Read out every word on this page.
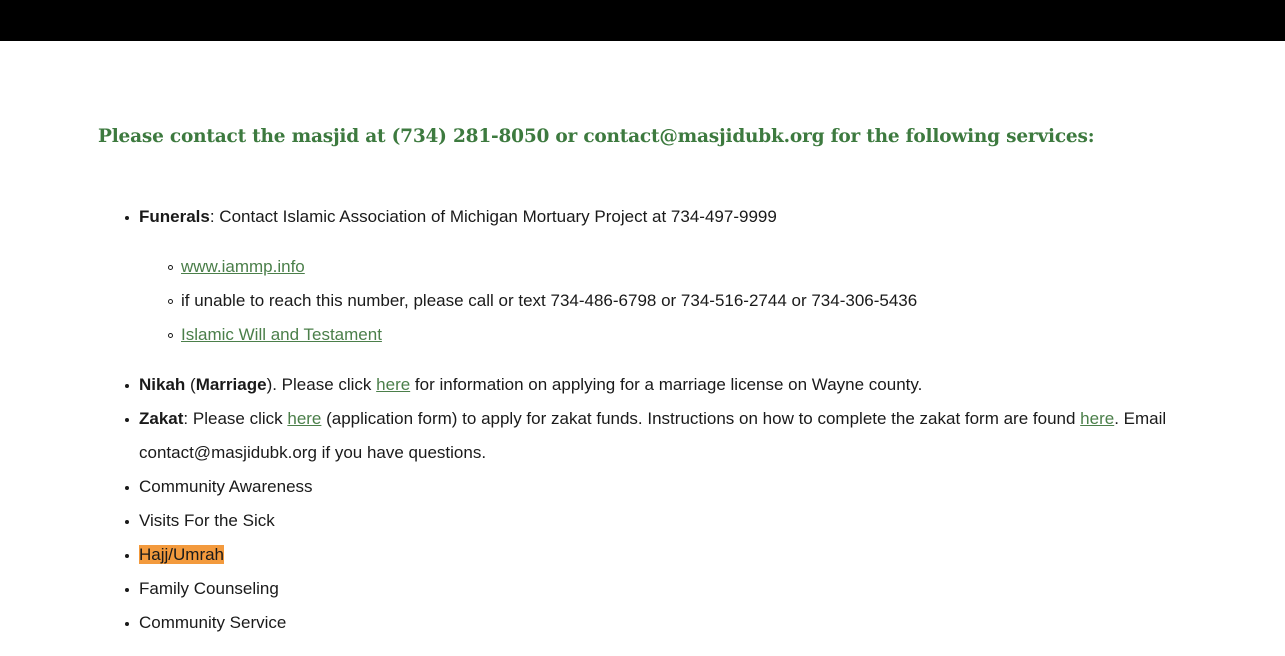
Please contact the masjid at (734) 281-8050 or contact@masjidubk.org for the following services:
Funerals: Contact Islamic Association of Michigan Mortuary Project at 734-497-9999
www.iammp.info
if unable to reach this number, please call or text 734-486-6798 or 734-516-2744 or 734-306-5436
Islamic Will and Testament
Nikah (Marriage). Please click here for information on applying for a marriage license on Wayne county.
Zakat: Please click here (application form) to apply for zakat funds. Instructions on how to complete the zakat form are found here. Email contact@masjidubk.org if you have questions.
Community Awareness
Visits For the Sick
Hajj/Umrah
Family Counseling
Community Service
